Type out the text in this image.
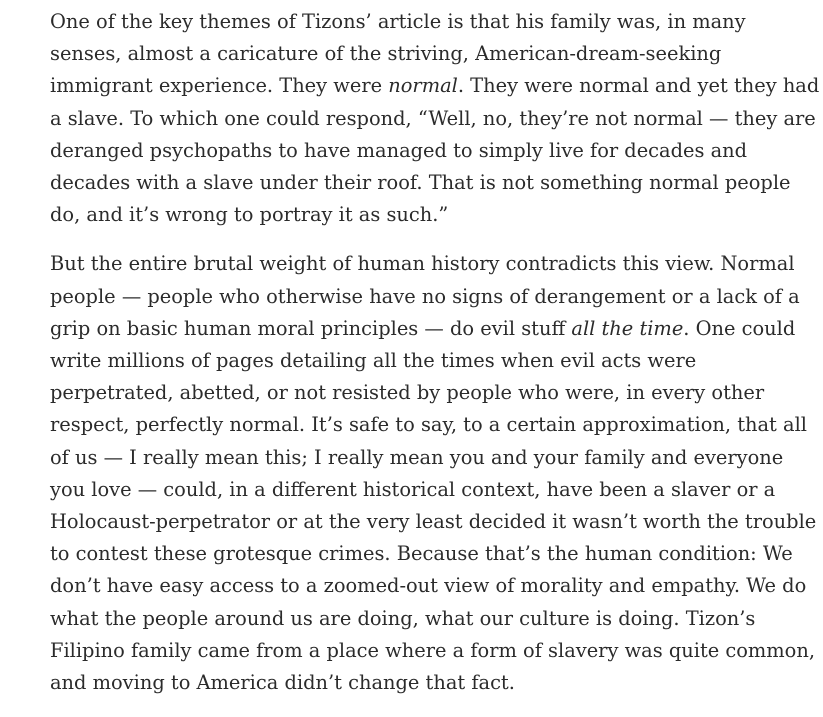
One of the key themes of Tizons’ article is that his family was, in many senses, almost a caricature of the striving, American-dream-seeking immigrant experience. They were normal. They were normal and yet they had a slave. To which one could respond, “Well, no, they’re not normal — they are deranged psychopaths to have managed to simply live for decades and decades with a slave under their roof. That is not something normal people do, and it’s wrong to portray it as such.”

But the entire brutal weight of human history contradicts this view. Normal people — people who otherwise have no signs of derangement or a lack of a grip on basic human moral principles — do evil stuff all the time. One could write millions of pages detailing all the times when evil acts were perpetrated, abetted, or not resisted by people who were, in every other respect, perfectly normal. It’s safe to say, to a certain approximation, that all of us — I really mean this; I really mean you and your family and everyone you love — could, in a different historical context, have been a slaver or a Holocaust-perpetrator or at the very least decided it wasn’t worth the trouble to contest these grotesque crimes. Because that’s the human condition: We don’t have easy access to a zoomed-out view of morality and empathy. We do what the people around us are doing, what our culture is doing. Tizon’s Filipino family came from a place where a form of slavery was quite common, and moving to America didn’t change that fact.
